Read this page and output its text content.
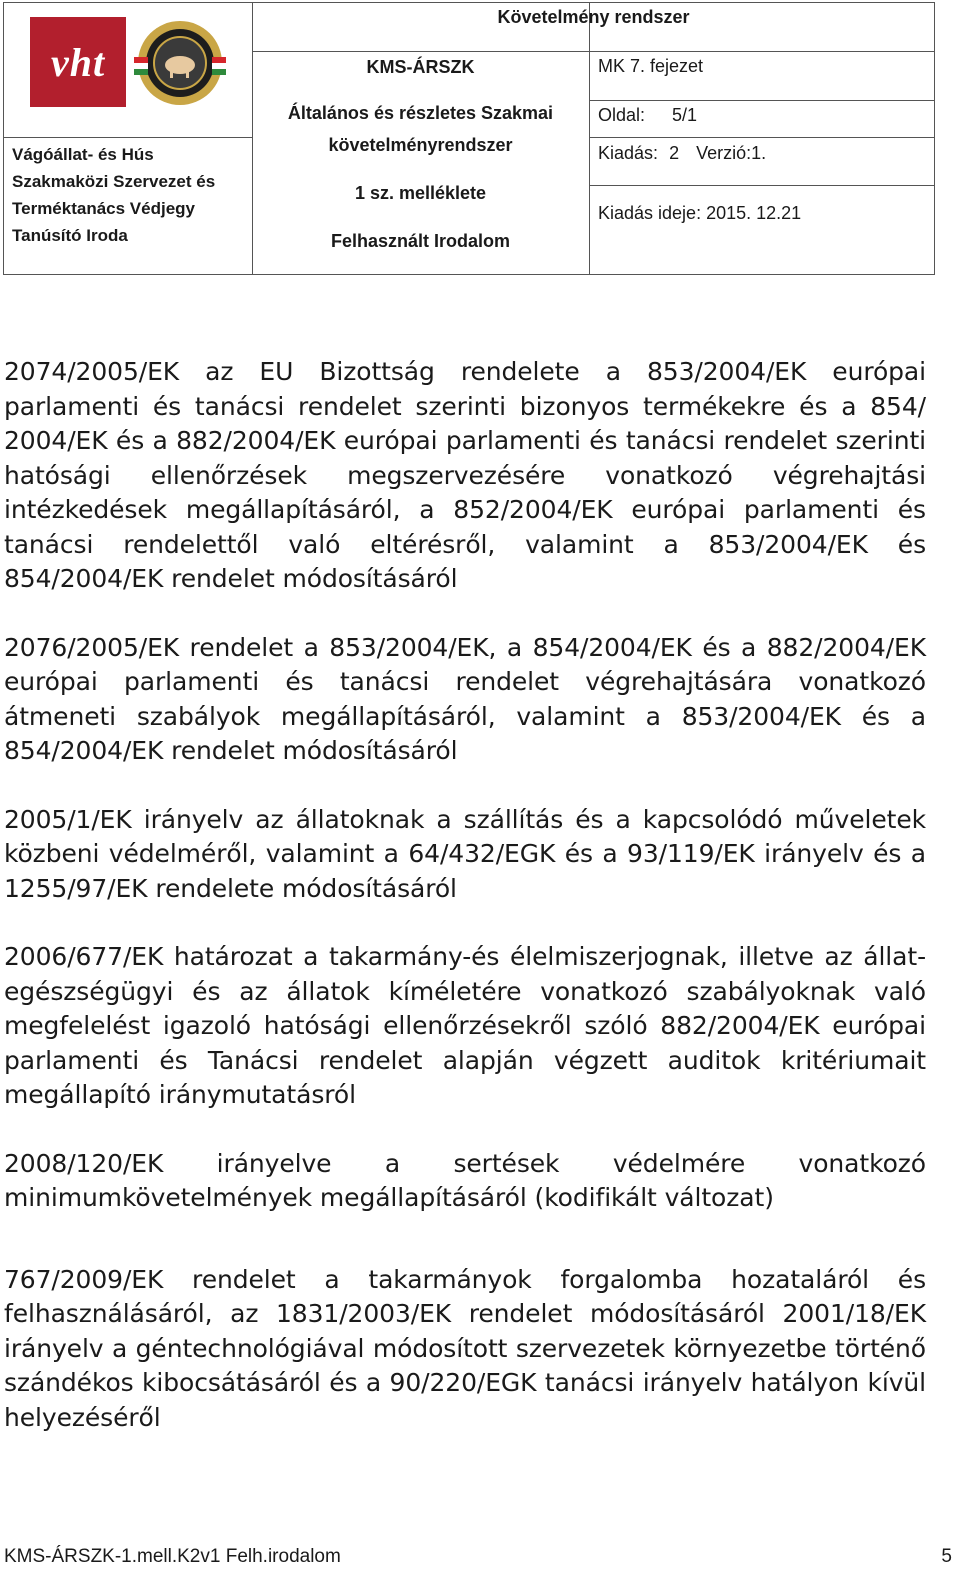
vht
Vágóállat- és Hús
Szakmaközi Szervezet és
Terméktanács Védjegy
Tanúsító Iroda
Követelmény rendszer
KMS-ÁRSZK	MK 7. fejezet
Általános és részletes Szakmai
követelményrendszer
1 sz. melléklete
Felhasznált Irodalom
Oldal: 5/1
Kiadás: 2 Verzió:1.
Kiadás ideje: 2015. 12.21

2074/2005/EK az EU Bizottság rendelete a 853/2004/EK európai parlamenti és tanácsi rendelet szerinti bizonyos termékekre és a 854/ 2004/EK és a 882/2004/EK európai parlamenti és tanácsi rendelet szerinti hatósági ellenőrzések megszervezésére vonatkozó végrehajtási intézkedések megállapításáról, a 852/2004/EK európai parlamenti és tanácsi rendelettől való eltérésről, valamint a 853/2004/EK és 854/2004/EK rendelet módosításáról

2076/2005/EK rendelet a 853/2004/EK, a 854/2004/EK és a 882/2004/EK európai parlamenti és tanácsi rendelet végrehajtására vonatkozó átmeneti szabályok megállapításáról, valamint a 853/2004/EK és a 854/2004/EK rendelet módosításáról

2005/1/EK irányelv az állatoknak a szállítás és a kapcsolódó műveletek közbeni védelméről, valamint a 64/432/EGK és a 93/119/EK irányelv és a 1255/97/EK rendelete módosításáról

2006/677/EK határozat a takarmány-és élelmiszerjognak, illetve az állat-egészségügyi és az állatok kíméletére vonatkozó szabályoknak való megfelelést igazoló hatósági ellenőrzésekről szóló 882/2004/EK európai parlamenti és Tanácsi rendelet alapján végzett auditok kritériumait megállapító iránymutatásról

2008/120/EK irányelve a sertések védelmére vonatkozó minimumkövetelmények megállapításáról (kodifikált változat)

767/2009/EK rendelet a takarmányok forgalomba hozataláról és felhasználásáról, az 1831/2003/EK rendelet módosításáról 2001/18/EK irányelv a géntechnológiával módosított szervezetek környezetbe történő szándékos kibocsátásáról és a 90/220/EGK tanácsi irányelv hatályon kívül helyezéséről

KMS-ÁRSZK-1.mell.K2v1 Felh.irodalom	5
